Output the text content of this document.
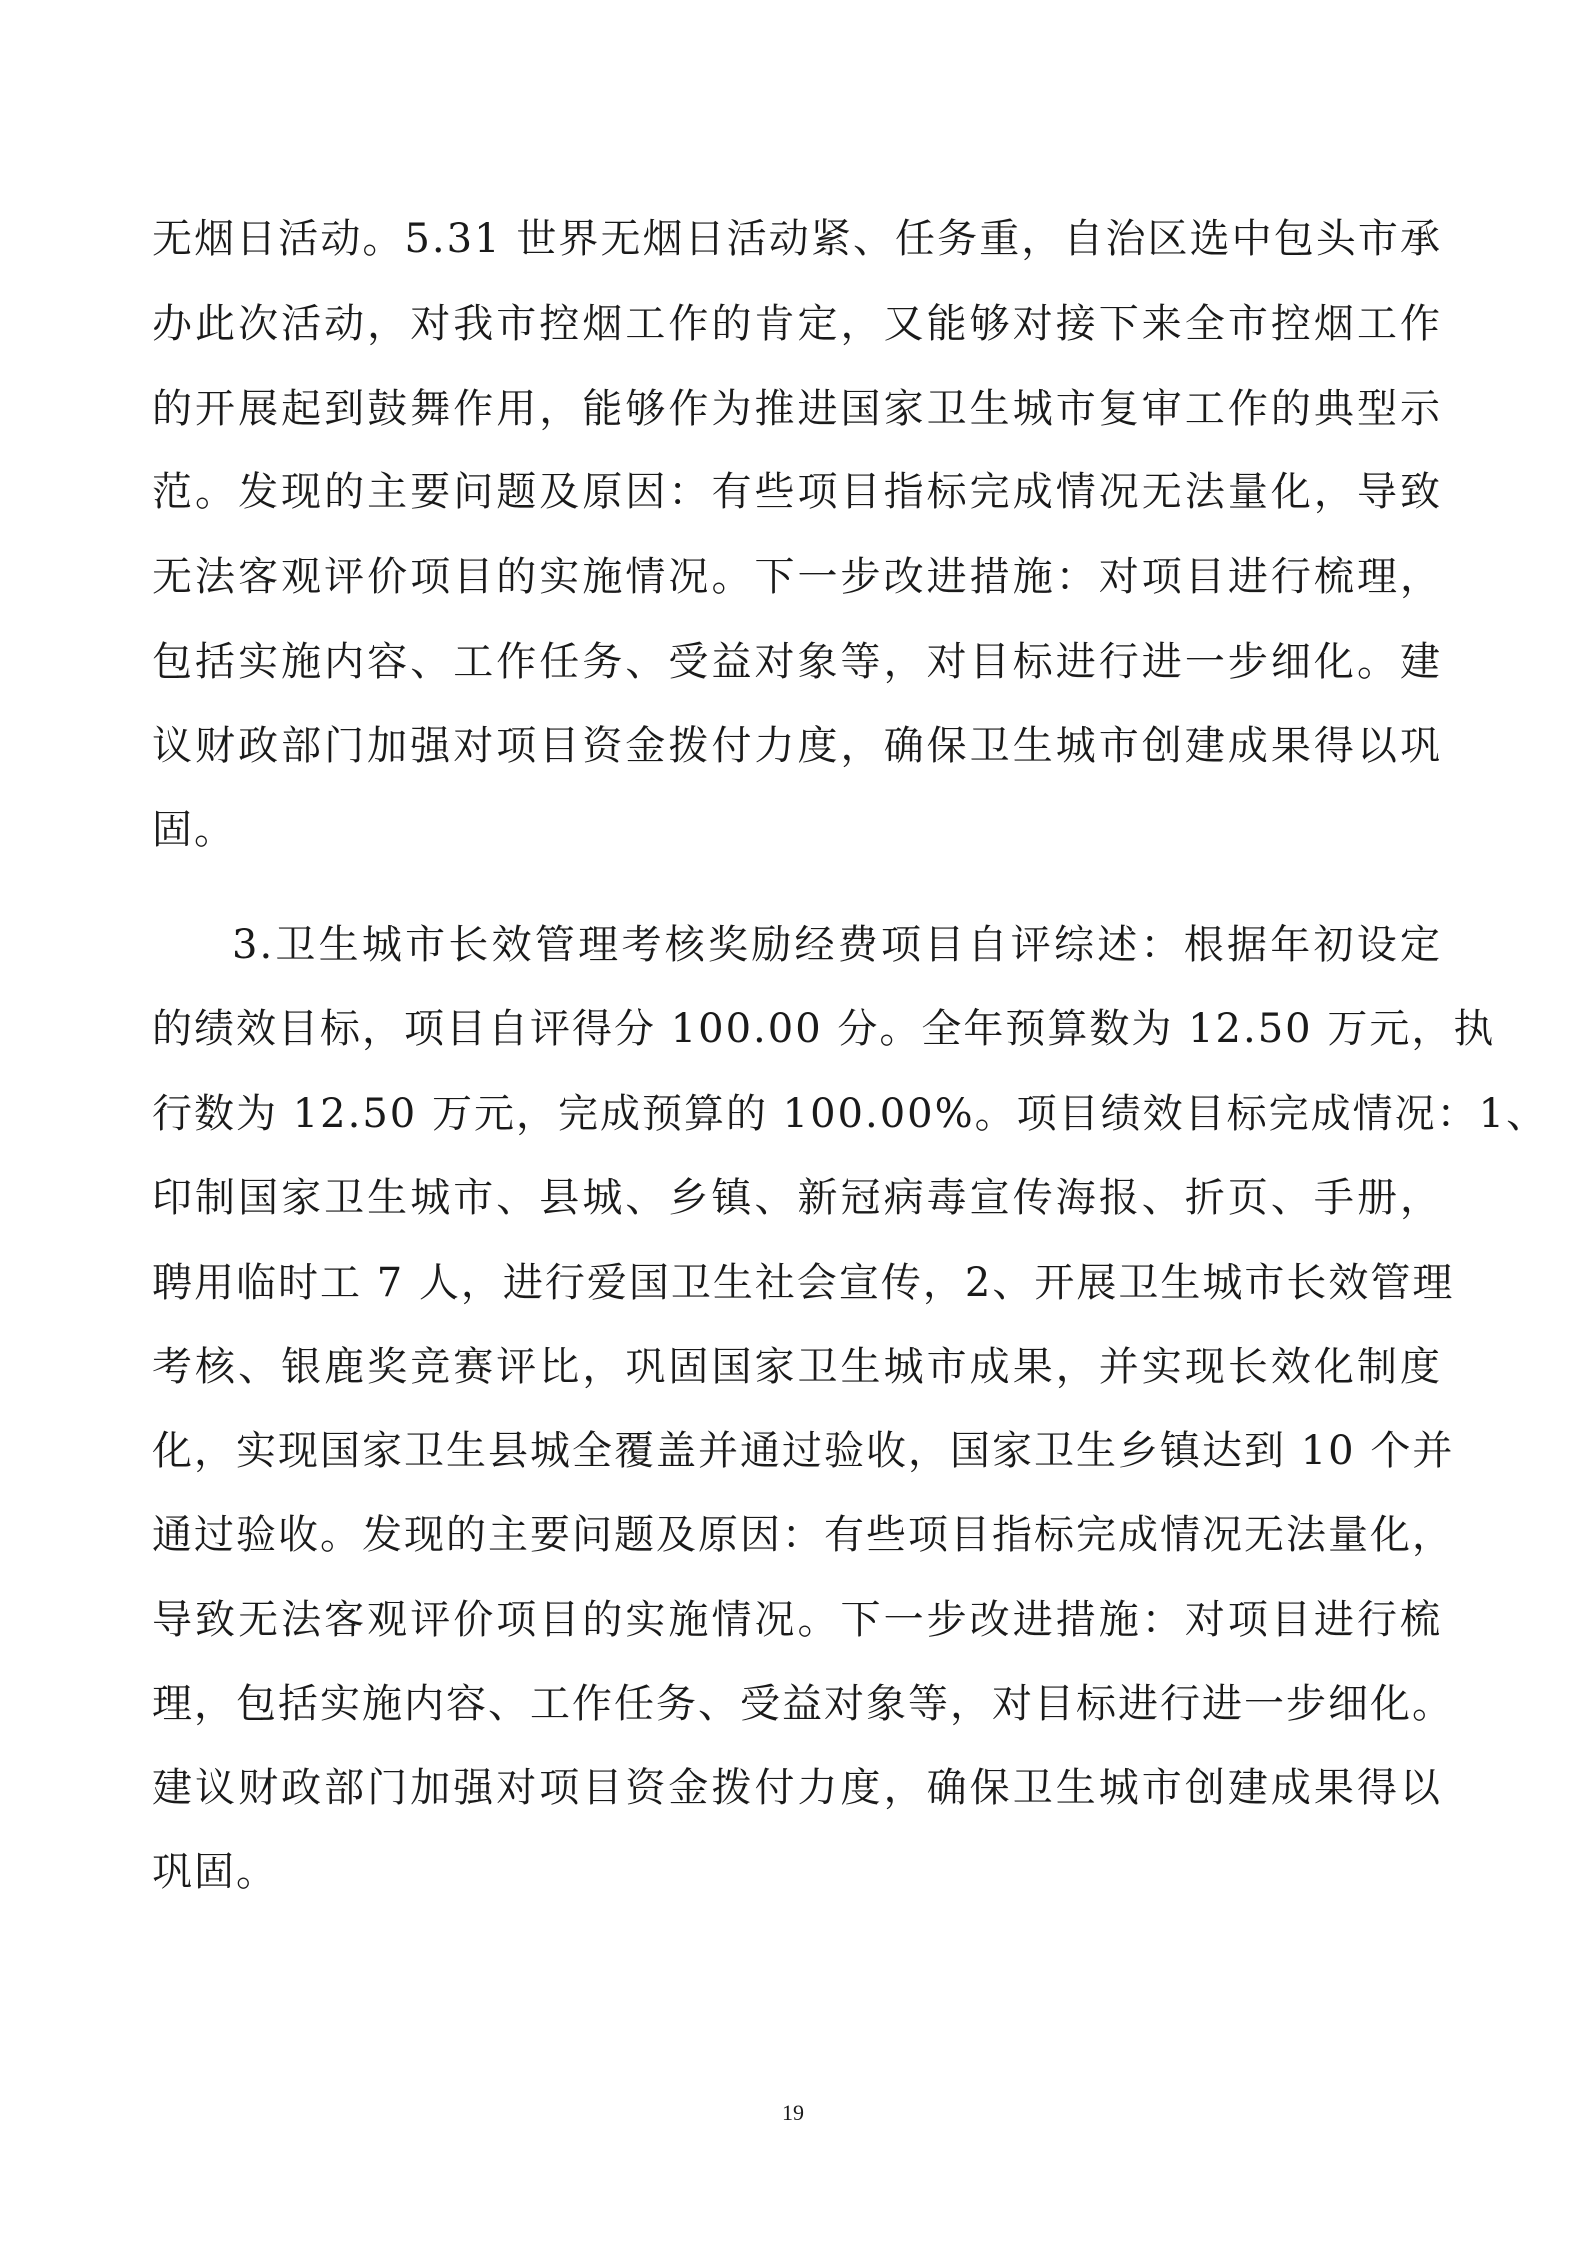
无烟日活动。5.31 世界无烟日活动紧、任务重，自治区选中包头市承
办此次活动，对我市控烟工作的肯定，又能够对接下来全市控烟工作
的开展起到鼓舞作用，能够作为推进国家卫生城市复审工作的典型示
范。发现的主要问题及原因：有些项目指标完成情况无法量化，导致
无法客观评价项目的实施情况。下一步改进措施：对项目进行梳理，
包括实施内容、工作任务、受益对象等，对目标进行进一步细化。建
议财政部门加强对项目资金拨付力度，确保卫生城市创建成果得以巩
固。
3.卫生城市长效管理考核奖励经费项目自评综述：根据年初设定
的绩效目标，项目自评得分 100.00 分。全年预算数为 12.50 万元，执
行数为 12.50 万元，完成预算的 100.00%。项目绩效目标完成情况：1、
印制国家卫生城市、县城、乡镇、新冠病毒宣传海报、折页、手册，
聘用临时工 7 人，进行爱国卫生社会宣传，2、开展卫生城市长效管理
考核、银鹿奖竞赛评比，巩固国家卫生城市成果，并实现长效化制度
化，实现国家卫生县城全覆盖并通过验收，国家卫生乡镇达到 10 个并
通过验收。发现的主要问题及原因：有些项目指标完成情况无法量化，
导致无法客观评价项目的实施情况。下一步改进措施：对项目进行梳
理，包括实施内容、工作任务、受益对象等，对目标进行进一步细化。
建议财政部门加强对项目资金拨付力度，确保卫生城市创建成果得以
巩固。
19
